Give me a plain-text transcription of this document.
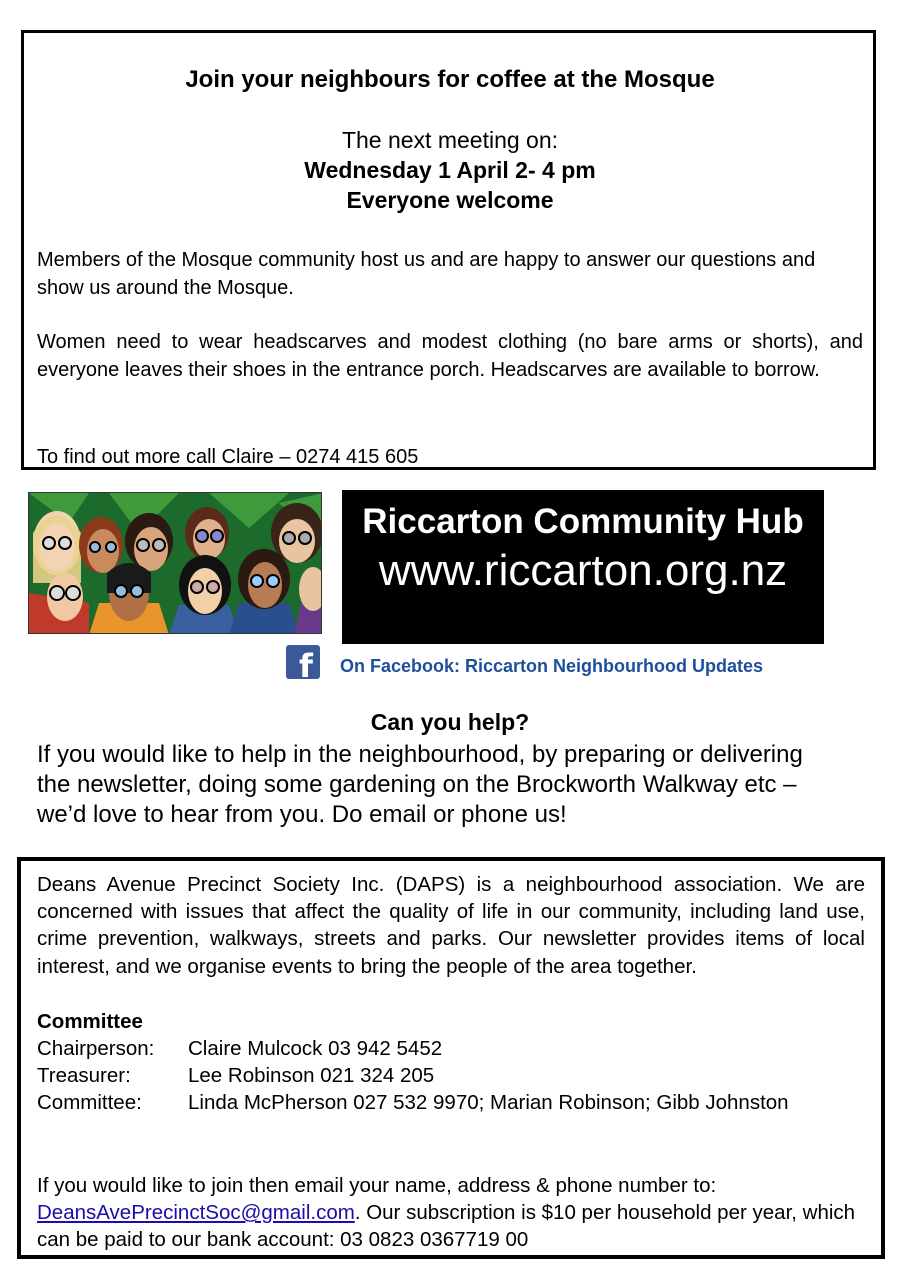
Join your neighbours for coffee at the Mosque
The next meeting on:
Wednesday 1 April 2- 4 pm
Everyone welcome
Members of the Mosque community host us and are happy to answer our questions and show us around the Mosque.
Women need to wear headscarves and modest clothing (no bare arms or shorts), and everyone leaves their shoes in the entrance porch. Headscarves are available to borrow.
To find out more call Claire – 0274 415 605
Riccarton Community Hub
www.riccarton.org.nz
f On Facebook: Riccarton Neighbourhood Updates
Can you help?
If you would like to help in the neighbourhood, by preparing or delivering the newsletter, doing some gardening on the Brockworth Walkway etc – we’d love to hear from you. Do email or phone us!
Deans Avenue Precinct Society Inc. (DAPS) is a neighbourhood association. We are concerned with issues that affect the quality of life in our community, including land use, crime prevention, walkways, streets and parks. Our newsletter provides items of local interest, and we organise events to bring the people of the area together.
Committee
Chairperson: Claire Mulcock 03 942 5452
Treasurer:	Lee Robinson 021 324 205
Committee: Linda McPherson 027 532 9970; Marian Robinson; Gibb Johnston
If you would like to join then email your name, address & phone number to:
DeansAvePrecinctSoc@gmail.com. Our subscription is $10 per household per year, which can be paid to our bank account: 03 0823 0367719 00
